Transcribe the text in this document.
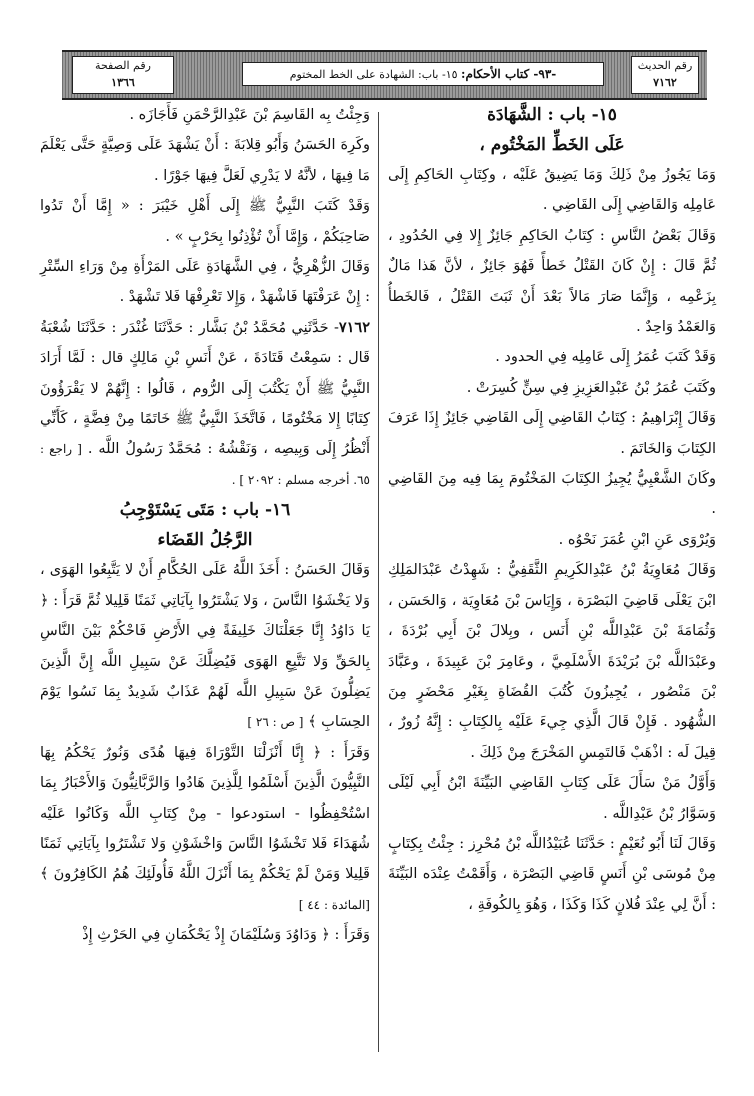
رقم الحديث
٧١٦٢
-٩٣- كتاب الأحكام: ١٥- باب: الشهادة على الخط المختوم
رقم الصفحة
١٣٦٦
١٥- باب : الشَّهَادَة
عَلَى الخَطِّ المَخْتُوم ،

وَمَا يَجُوزُ مِنْ ذَلِكَ وَمَا يَضِيقُ عَلَيْه ، وكِتَابِ الحَاكِمِ إِلَى عَامِلِه وَالقَاضِي إِلَى القَاضِي .

وَقَالَ بَعْضُ النَّاسِ : كِتَابُ الحَاكِمِ جَائِزٌ إِلا فِي الحُدُودِ ، ثُمَّ قَالَ : إِنْ كَانَ القَتْلُ خَطأً فَهُوَ جَائِزٌ ، لأنَّ هَذا مَالٌ بِزَعْمِه ، وَإِنَّمَا صَارَ مَالاً بَعْدَ أَنْ ثَبَتَ القَتْلُ ، فَالخَطأُ وَالعَمْدُ وَاحِدٌ .

وَقَدْ كَتَبَ عُمَرُ إِلَى عَامِلِه فِي الحدود .

وكَتَبَ عُمَرُ بْنُ عَبْدِالعَزِيزِ فِي سِنٍّ كُسِرَتْ .

وَقَالَ إِبْرَاهِيمُ : كِتَابُ القَاضِي إِلَى القَاضِي جَائِزٌ إِذَا عَرَفَ الكِتَابَ وَالخَاتَمَ .

وكَانَ الشَّعْبِيُّ يُجِيزُ الكِتَابَ المَخْتُومَ بِمَا فِيه مِنَ القَاضِي .

وَيُرْوَى عَنِ ابْنِ عُمَرَ نَحْوُه .

وَقَالَ مُعَاوِيَةُ بْنُ عَبْدِالكَرِيمِ الثَّقَفِيُّ : شَهِدْتُ عَبْدَالمَلِكِ ابْنَ يَعْلَى قَاضِيَ البَصْرَة ، وَإِيَاسَ بْنَ مُعَاوِيَة ، وَالحَسَن ، وَثُمَامَةَ بْنَ عَبْدِاللَّه بْنِ أَنَس ، وبِلالَ بْنَ أَبِي بُرْدَةَ ، وعَبْدَاللَّه بْنَ بُرَيْدَةَ الأَسْلَمِيَّ ، وعَامِرَ بْنَ عَبِيدَةَ ، وعَبَّادَ بْنَ مَنْصُور ، يُجِيزُونَ كُتُبَ القُضَاةِ بِغَيْرِ مَحْضَرٍ مِنَ الشُّهُود . فَإِنْ قَالَ الَّذِي جِيءَ عَلَيْه بِالكِتَابِ : إِنَّهُ زُورٌ ، قِيلَ لَه : اذْهَبْ فَالتَمِسِ المَخْرَجَ مِنْ ذَلِكَ .

وَأَوَّلُ مَنْ سَأَلَ عَلَى كِتَابِ القَاضِي البَيِّنَةَ ابْنُ أَبِي لَيْلَى وَسَوَّارُ بْنُ عَبْدِاللَّه .

وَقَالَ لَنَا أَبُو نُعَيْمٍ : حَدَّثَنَا عُبَيْدُاللَّه بْنُ مُحْرِز : جِئْتُ بِكِتَابٍ مِنْ مُوسَى بْنِ أَنَسٍ قَاضِي البَصْرَة ، وَأَقَمْتُ عِنْدَه البَيِّنَةَ : أَنَّ لِي عِنْدَ فُلانٍ كَذَا وَكَذَا ، وَهُوَ بِالكُوفَةِ ،

وَجِئْتُ بِه القَاسِمَ بْنَ عَبْدِالرَّحْمَنِ فَأَجَازَه .

وكَرِهَ الحَسَنُ وَأَبُو قِلابَةَ : أَنْ يَشْهَدَ عَلَى وَصِيَّةٍ حَتَّى يَعْلَمَ مَا فِيهَا ، لأنَّهُ لا يَدْرِي لَعَلَّ فِيهَا جَوْرًا .

وَقَدْ كَتَبَ النَّبِيُّ ﷺ إِلَى أَهْلِ خَيْبَرَ : « إِمَّا أَنْ تَدُوا صَاحِبَكُمْ ، وَإِمَّا أَنْ تُؤْذِنُوا بِحَرْبٍ » .

وَقَالَ الزُّهْرِيُّ ، فِي الشَّهَادَةِ عَلَى المَرْأَةِ مِنْ وَرَاءِ السِّتْرِ : إِنْ عَرَفْتَهَا فَاشْهَدْ ، وَإِلا تَعْرِفْهَا فَلا تَشْهَدْ .

٧١٦٢- حَدَّثَنِي مُحَمَّدُ بْنُ بَشَّار : حَدَّثَنَا غُنْدَر : حَدَّثَنَا شُعْبَةُ قَال : سَمِعْتُ قَتَادَةَ ، عَنْ أَنَسِ بْنِ مَالِكٍ قال : لَمَّا أَرَادَ النَّبِيُّ ﷺ أَنْ يَكْتُبَ إِلَى الرُّوم ، قَالُوا : إِنَّهُمْ لا يَقْرَؤُونَ كِتَابًا إِلا مَخْتُومًا ، فَاتَّخَذَ النَّبِيُّ ﷺ خَاتَمًا مِنْ فِضَّةٍ ، كَأَنِّي أَنْظُرُ إِلَى وَبِيصِه ، وَنَقْشُهُ : مُحَمَّدٌ رَسُولُ اللَّه . [ راجع : ٦٥. أخرجه مسلم : ٢٠٩٢ ] .

١٦- باب : مَتَى يَسْتَوْجِبُ
الرَّجُلُ القَضَاء

وَقَالَ الحَسَنُ : أَخَذَ اللَّهُ عَلَى الحُكَّامِ أَنْ لا يَتَّبِعُوا الهَوَى ، وَلا يَخْشَوُا النَّاسَ ، وَلا يَشْتَرُوا بِآيَاتِي ثَمَنًا قَلِيلا ثُمَّ قَرَأَ : ﴿ يَا دَاوُدُ إِنَّا جَعَلْنَاكَ خَلِيفَةً فِي الأَرْضِ فَاحْكُمْ بَيْنَ النَّاسِ بِالحَقِّ وَلا تَتَّبِعِ الهَوَى فَيُضِلَّكَ عَنْ سَبِيلِ اللَّه إِنَّ الَّذِينَ يَضِلُّونَ عَنْ سَبِيلِ اللَّه لَهُمْ عَذَابٌ شَدِيدٌ بِمَا نَسُوا يَوْمَ الحِسَابِ ﴾ [ ص : ٢٦ ]

وَقَرَأَ : ﴿ إِنَّا أَنْزَلْنَا التَّوْرَاةَ فِيهَا هُدًى وَنُورٌ يَحْكُمُ بِهَا النَّبِيُّونَ الَّذِينَ أَسْلَمُوا لِلَّذِينَ هَادُوا وَالرَّبَّانِيُّونَ وَالأَحْبَارُ بِمَا اسْتُحْفِظُوا - استودعوا - مِنْ كِتَابِ اللَّه وَكَانُوا عَلَيْه شُهَدَاءَ فَلا تَخْشَوُا النَّاسَ وَاخْشَوْنِ وَلا تَشْتَرُوا بِآيَاتِي ثَمَنًا قَلِيلا وَمَنْ لَمْ يَحْكُمْ بِمَا أَنْزَلَ اللَّهُ فَأُولَئِكَ هُمُ الكَافِرُونَ ﴾ [المائدة : ٤٤ ]

وَقَرَأَ : ﴿ وَدَاوُدَ وَسُلَيْمَانَ إِذْ يَحْكُمَانِ فِي الحَرْثِ إِذْ
